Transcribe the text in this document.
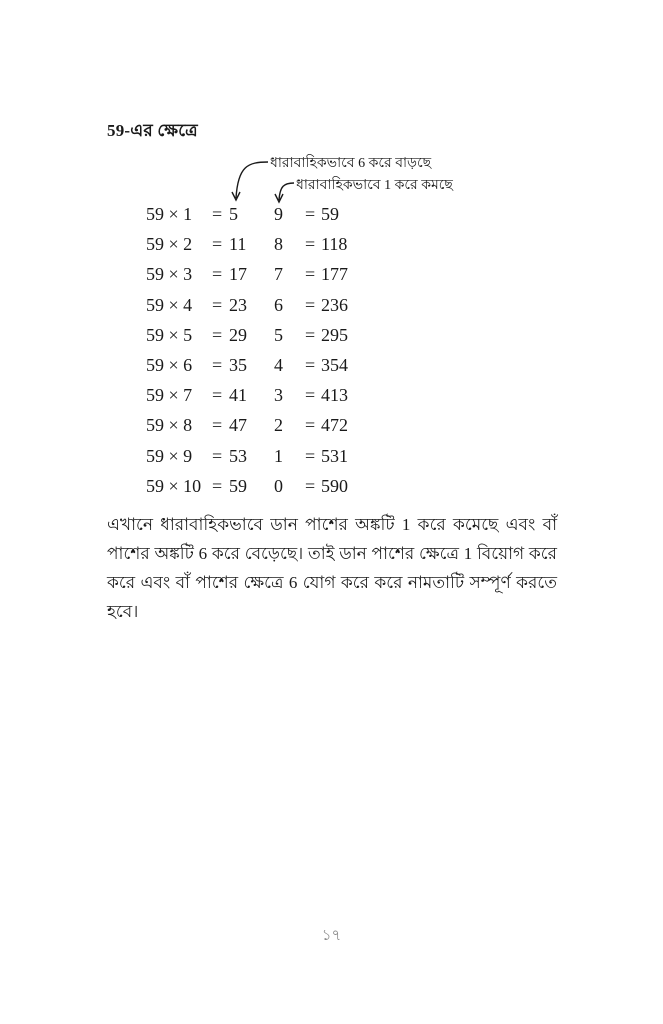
59-এর ক্ষেত্রে
ধারাবাহিকভাবে 6 করে বাড়ছে
ধারাবাহিকভাবে 1 করে কমছে
59 × 1 = 5 9 = 59
59 × 2 = 11 8 = 118
59 × 3 = 17 7 = 177
59 × 4 = 23 6 = 236
59 × 5 = 29 5 = 295
59 × 6 = 35 4 = 354
59 × 7 = 41 3 = 413
59 × 8 = 47 2 = 472
59 × 9 = 53 1 = 531
59 × 10 = 59 0 = 590
এখানে ধারাবাহিকভাবে ডান পাশের অঙ্কটি 1 করে কমেছে এবং বাঁ পাশের অঙ্কটি 6 করে বেড়েছে। তাই ডান পাশের ক্ষেত্রে 1 বিয়োগ করে করে এবং বাঁ পাশের ক্ষেত্রে 6 যোগ করে করে নামতাটি সম্পূর্ণ করতে হবে।
১৭
